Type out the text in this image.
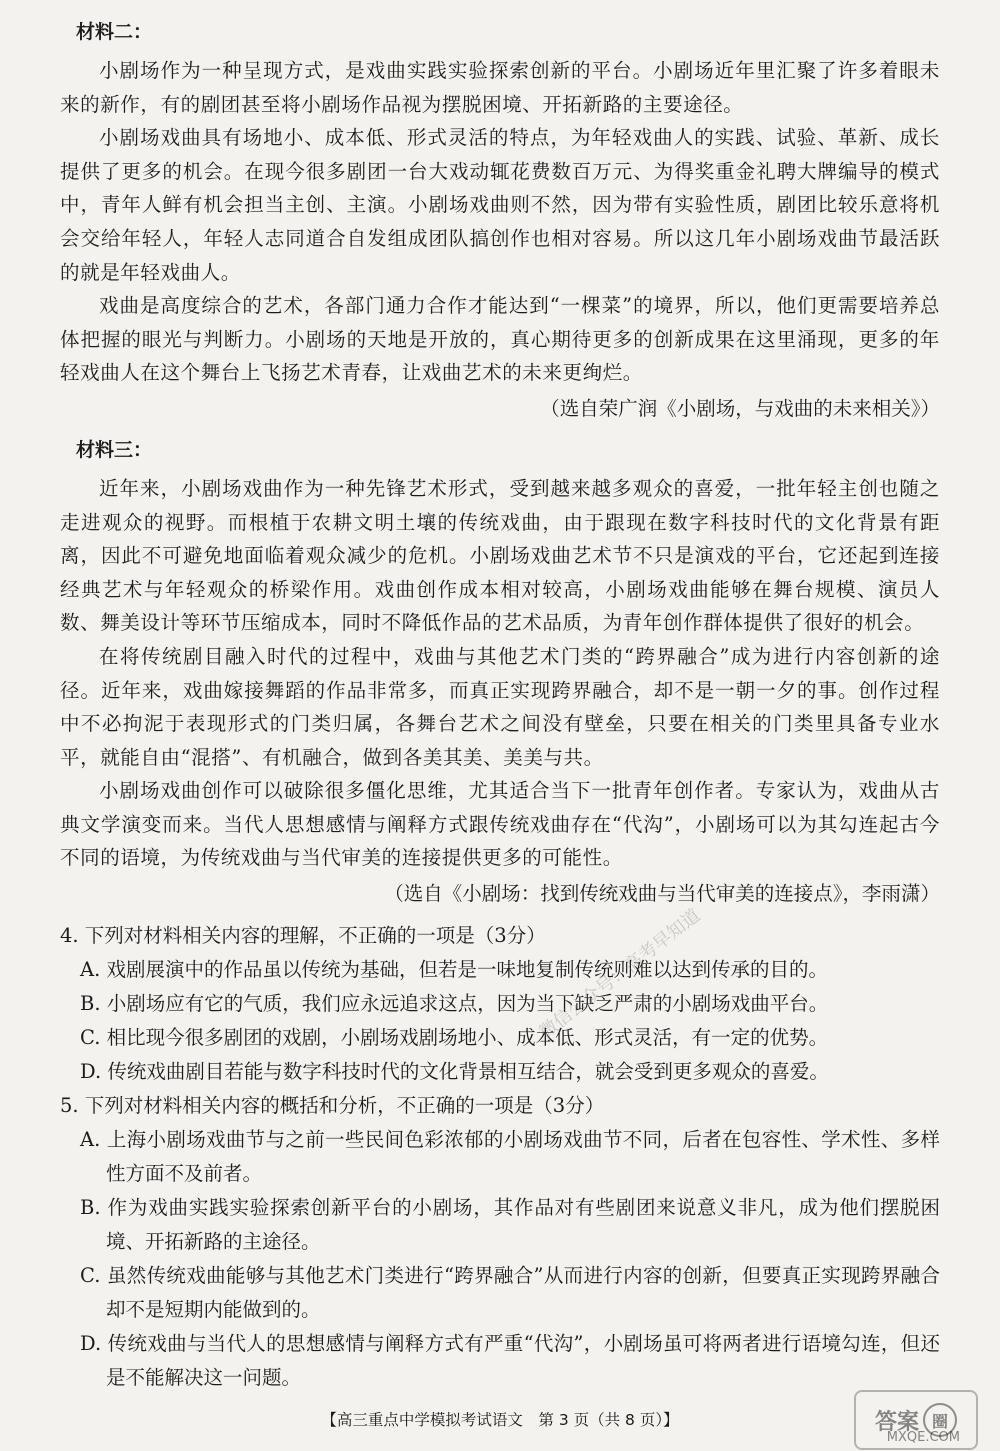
材料二：

小剧场作为一种呈现方式，是戏曲实践实验探索创新的平台。小剧场近年里汇聚了许多着眼未来的新作，有的剧团甚至将小剧场作品视为摆脱困境、开拓新路的主要途径。

小剧场戏曲具有场地小、成本低、形式灵活的特点，为年轻戏曲人的实践、试验、革新、成长提供了更多的机会。在现今很多剧团一台大戏动辄花费数百万元、为得奖重金礼聘大牌编导的模式中，青年人鲜有机会担当主创、主演。小剧场戏曲则不然，因为带有实验性质，剧团比较乐意将机会交给年轻人，年轻人志同道合自发组成团队搞创作也相对容易。所以这几年小剧场戏曲节最活跃的就是年轻戏曲人。

戏曲是高度综合的艺术，各部门通力合作才能达到“一棵菜”的境界，所以，他们更需要培养总体把握的眼光与判断力。小剧场的天地是开放的，真心期待更多的创新成果在这里涌现，更多的年轻戏曲人在这个舞台上飞扬艺术青春，让戏曲艺术的未来更绚烂。

（选自荣广润《小剧场，与戏曲的未来相关》）
材料三：

近年来，小剧场戏曲作为一种先锋艺术形式，受到越来越多观众的喜爱，一批年轻主创也随之走进观众的视野。而根植于农耕文明土壤的传统戏曲，由于跟现在数字科技时代的文化背景有距离，因此不可避免地面临着观众减少的危机。小剧场戏曲艺术节不只是演戏的平台，它还起到连接经典艺术与年轻观众的桥梁作用。戏曲创作成本相对较高，小剧场戏曲能够在舞台规模、演员人数、舞美设计等环节压缩成本，同时不降低作品的艺术品质，为青年创作群体提供了很好的机会。

在将传统剧目融入时代的过程中，戏曲与其他艺术门类的“跨界融合”成为进行内容创新的途径。近年来，戏曲嫁接舞蹈的作品非常多，而真正实现跨界融合，却不是一朝一夕的事。创作过程中不必拘泥于表现形式的门类归属，各舞台艺术之间没有壁垒，只要在相关的门类里具备专业水平，就能自由“混搭”、有机融合，做到各美其美、美美与共。

小剧场戏曲创作可以破除很多僵化思维，尤其适合当下一批青年创作者。专家认为，戏曲从古典文学演变而来。当代人思想感情与阐释方式跟传统戏曲存在“代沟”，小剧场可以为其勾连起古今不同的语境，为传统戏曲与当代审美的连接提供更多的可能性。

（选自《小剧场：找到传统戏曲与当代审美的连接点》，李雨潇）

4. 下列对材料相关内容的理解，不正确的一项是（3分）

A. 戏剧展演中的作品虽以传统为基础，但若是一味地复制传统则难以达到传承的目的。

B. 小剧场应有它的气质，我们应永远追求这点，因为当下缺乏严肃的小剧场戏曲平台。

C. 相比现今很多剧团的戏剧，小剧场戏剧场地小、成本低、形式灵活，有一定的优势。

D. 传统戏曲剧目若能与数字科技时代的文化背景相互结合，就会受到更多观众的喜爱。

5. 下列对材料相关内容的概括和分析，不正确的一项是（3分）

A. 上海小剧场戏曲节与之前一些民间色彩浓郁的小剧场戏曲节不同，后者在包容性、学术性、多样性方面不及前者。

B. 作为戏曲实践实验探索创新平台的小剧场，其作品对有些剧团来说意义非凡，成为他们摆脱困境、开拓新路的主途径。

C. 虽然传统戏曲能够与其他艺术门类进行“跨界融合”从而进行内容的创新，但要真正实现跨界融合却不是短期内能做到的。

D. 传统戏曲与当代人的思想感情与阐释方式有严重“代沟”，小剧场虽可将两者进行语境勾连，但还是不能解决这一问题。

微信公众号：高考早知道
【高三重点中学模拟考试语文　第 3 页（共 8 页）】	答案 圈
MXQE.COM
